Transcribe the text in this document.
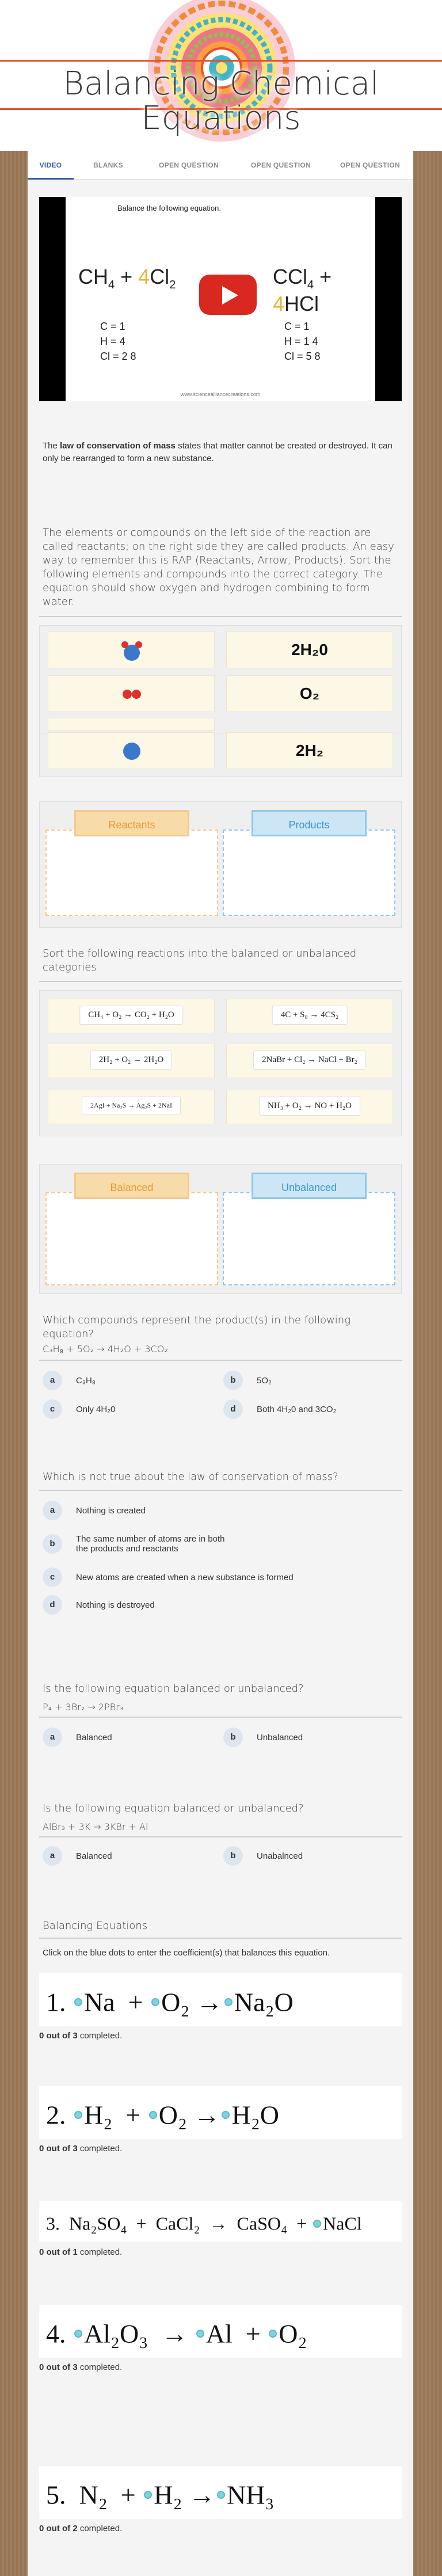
Balancing Chemical
Equations
VIDEO	BLANKS	OPEN QUESTION	OPEN QUESTION	OPEN QUESTION
Balance the following equation.
$CH_4 + 4Cl_2$	CCl$_4$ + 4HCl
C = 1
H = 4
Cl = 2 8
C = 1
H = 1 4
Cl = 5 8
www.sciencealliancecreations.com
The law of conservation of mass states that matter cannot be created or destroyed. It can only be rearranged to form a new substance.
The elements or compounds on the left side of the reaction are called reactants; on the right side they are called products. An easy way to remember this is RAP (Reactants, Arrow, Products). Sort the following elements and compounds into the correct category. The equation should show oxygen and hydrogen combining to form water.
2H₂0
O₂
2H₂
Reactants	Products
Sort the following reactions into the balanced or unbalanced categories
CH₄ + O₂ → CO₂ + H₂O	4C + S₈ → 4CS₂
2H₂ + O₂ → 2H₂O	2NaBr + Cl₂ → NaCl + Br₂
2AgI + Na₂S → Ag₂S + 2NaI	NH₃ + O₂ → NO + H₂O
Balanced	Unbalanced
Which compounds represent the product(s) in the following equation?
C₃H₈ + 5O₂ → 4H₂O + 3CO₂
a	C₃H₈	b	5O₂
c	Only 4H₂0	d	Both 4H₂0 and 3CO₂
Which is not true about the law of conservation of mass?
a	Nothing is created
b	The same number of atoms are in both the products and reactants
c	New atoms are created when a new substance is formed
d	Nothing is destroyed
Is the following equation balanced or unbalanced?
P₄ + 3Br₂ → 2PBr₃
a	Balanced	b	Unbalanced
Is the following equation balanced or unbalanced?
AlBr₃ + 3K → 3KBr + Al
a	Balanced	b	Unabalnced
Balancing Equations
Click on the blue dots to enter the coefficient(s) that balances this equation.
1. Na + O₂ → Na₂O
0 out of 3 completed.
2. H₂ + O₂ → H₂O
0 out of 3 completed.
3. Na₂SO₄ + CaCl₂ → CaSO₄ + NaCl
0 out of 1 completed.
4. Al₂O₃ → Al + O₂
0 out of 3 completed.
5. N₂ + H₂ → NH₃
0 out of 2 completed.
